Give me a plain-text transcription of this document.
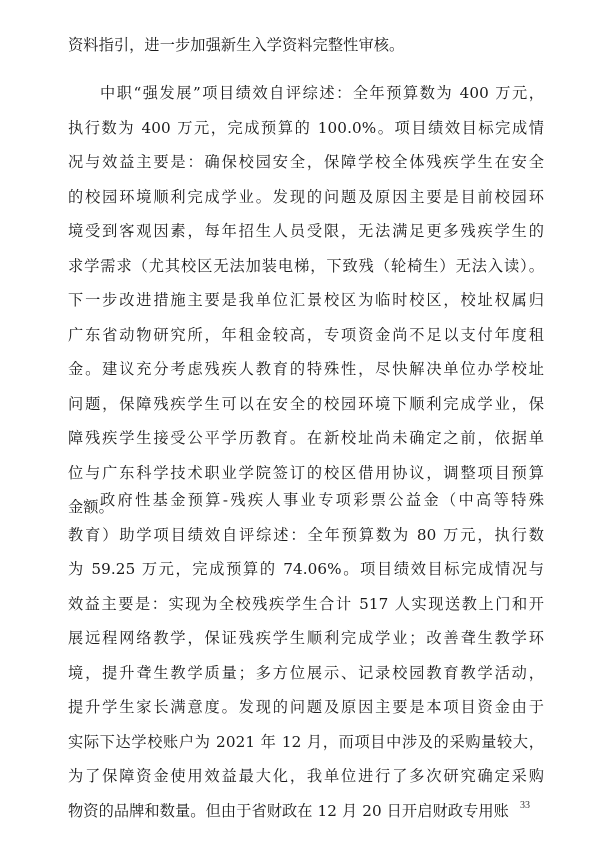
资料指引，进一步加强新生入学资料完整性审核。
中职“强发展”项目绩效自评综述：全年预算数为 400 万元，
执行数为 400 万元，完成预算的 100.0%。项目绩效目标完成情
况与效益主要是：确保校园安全，保障学校全体残疾学生在安全
的校园环境顺利完成学业。发现的问题及原因主要是目前校园环
境受到客观因素，每年招生人员受限，无法满足更多残疾学生的
求学需求（尤其校区无法加装电梯，下致残（轮椅生）无法入读）。
下一步改进措施主要是我单位汇景校区为临时校区，校址权属归
广东省动物研究所，年租金较高，专项资金尚不足以支付年度租
金。建议充分考虑残疾人教育的特殊性，尽快解决单位办学校址
问题，保障残疾学生可以在安全的校园环境下顺利完成学业，保
障残疾学生接受公平学历教育。在新校址尚未确定之前，依据单
位与广东科学技术职业学院签订的校区借用协议，调整项目预算
金额。
政府性基金预算-残疾人事业专项彩票公益金（中高等特殊
教育）助学项目绩效自评综述：全年预算数为 80 万元，执行数
为 59.25 万元，完成预算的 74.06%。项目绩效目标完成情况与
效益主要是：实现为全校残疾学生合计 517 人实现送教上门和开
展远程网络教学，保证残疾学生顺利完成学业；改善聋生教学环
境，提升聋生教学质量；多方位展示、记录校园教育教学活动，
提升学生家长满意度。发现的问题及原因主要是本项目资金由于
实际下达学校账户为 2021 年 12 月，而项目中涉及的采购量较大，
为了保障资金使用效益最大化，我单位进行了多次研究确定采购
物资的品牌和数量。但由于省财政在 12 月 20 日开启财政专用账	33
